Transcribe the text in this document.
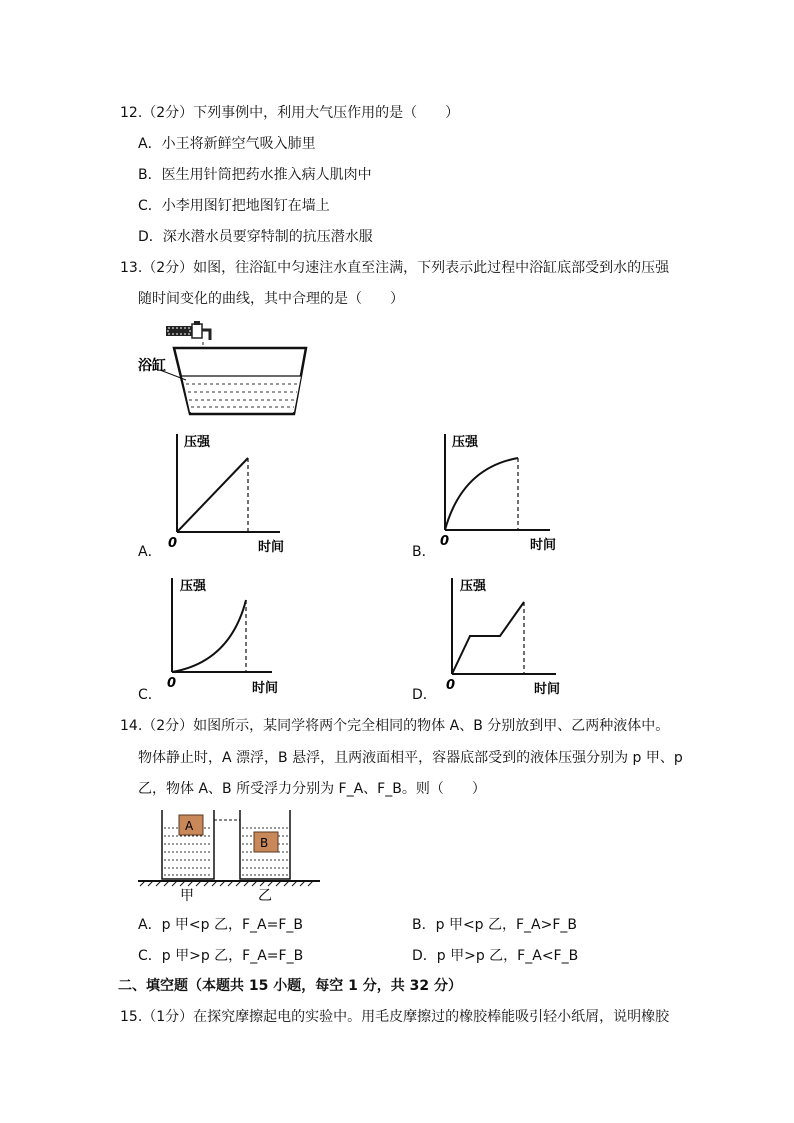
12.（2分）下列事例中，利用大气压作用的是（　　）
A．小王将新鲜空气吸入肺里
B．医生用针筒把药水推入病人肌肉中
C．小李用图钉把地图钉在墙上
D．深水潜水员要穿特制的抗压潜水服
13.（2分）如图，往浴缸中匀速注水直至注满，下列表示此过程中浴缸底部受到水的压强
随时间变化的曲线，其中合理的是（　　）
浴缸
A．
压强
0	时间	B．
压强
0	时间
C．
压强
0	时间	D．
压强
0	时间
14.（2分）如图所示，某同学将两个完全相同的物体 A、B 分别放到甲、乙两种液体中。
物体静止时，A 漂浮，B 悬浮，且两液面相平，容器底部受到的液体压强分别为 p 甲、p
乙，物体 A、B 所受浮力分别为 F_A、F_B。则（　　）
A
B
甲	乙
A．p 甲<p 乙，F_A=F_B	B．p 甲<p 乙，F_A>F_B
C．p 甲>p 乙，F_A=F_B	D．p 甲>p 乙，F_A<F_B
二、填空题（本题共 15 小题，每空 1 分，共 32 分）
15.（1分）在探究摩擦起电的实验中。用毛皮摩擦过的橡胶棒能吸引轻小纸屑，说明橡胶
